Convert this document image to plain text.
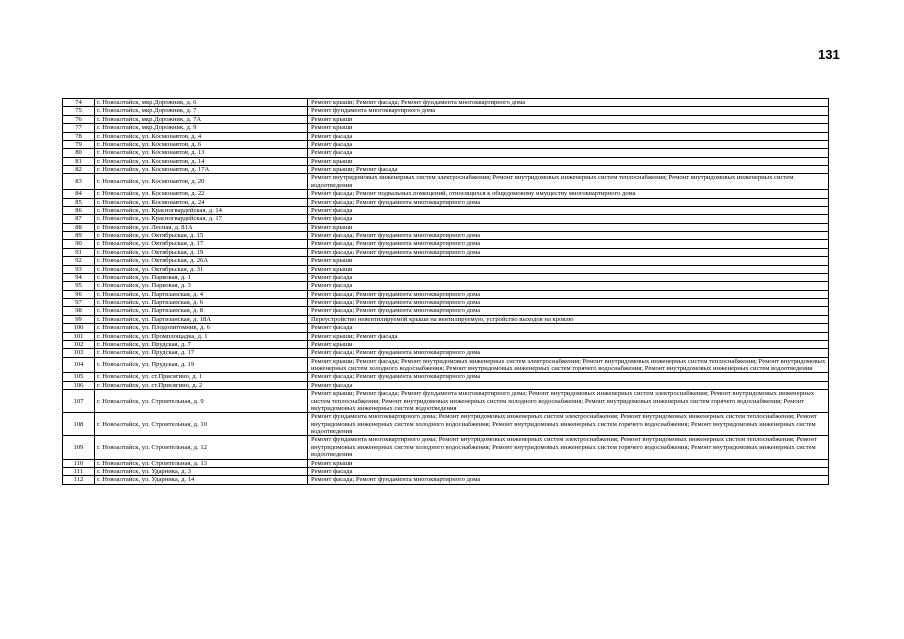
131
74	г. Новоалтайск, мкр.Дорожник, д. 6	Ремонт крыши; Ремонт фасада; Ремонт фундамента многоквартирного дома
75	г. Новоалтайск, мкр.Дорожник, д. 7	Ремонт фундамента многоквартирного дома
76	г. Новоалтайск, мкр.Дорожник, д. 7А	Ремонт крыши
77	г. Новоалтайск, мкр.Дорожник, д. 9	Ремонт крыши
78	г. Новоалтайск, ул. Космонавтов, д. 4	Ремонт фасада
79	г. Новоалтайск, ул. Космонавтов, д. 6	Ремонт фасада
80	г. Новоалтайск, ул. Космонавтов, д. 13	Ремонт фасада
81	г. Новоалтайск, ул. Космонавтов, д. 14	Ремонт крыши
82	г. Новоалтайск, ул. Космонавтов, д. 17А	Ремонт крыши; Ремонт фасада
83	г. Новоалтайск, ул. Космонавтов, д. 20	Ремонт внутридомовых инженерных систем электроснабжения; Ремонт внутридомовых инженерных систем теплоснабжения; Ремонт внутридомовых инженерных систем водоотведения
84	г. Новоалтайск, ул. Космонавтов, д. 22	Ремонт фасада; Ремонт подвальных помещений, относящихся к общедомовому имуществу многоквартирного дома
85	г. Новоалтайск, ул. Космонавтов, д. 24	Ремонт фасада; Ремонт фундамента многоквартирного дома
86	г. Новоалтайск, ул. Красногвардейская, д. 14	Ремонт фасада
87	г. Новоалтайск, ул. Красногвардейская, д. 17	Ремонт фасада
88	г. Новоалтайск, ул. Лесная, д. 81А	Ремонт крыши
89	г. Новоалтайск, ул. Октябрьская, д. 15	Ремонт фасада; Ремонт фундамента многоквартирного дома
90	г. Новоалтайск, ул. Октябрьская, д. 17	Ремонт фасада; Ремонт фундамента многоквартирного дома
91	г. Новоалтайск, ул. Октябрьская, д. 19	Ремонт фасада; Ремонт фундамента многоквартирного дома
92	г. Новоалтайск, ул. Октябрьская, д. 26А	Ремонт крыши
93	г. Новоалтайск, ул. Октябрьская, д. 31	Ремонт крыши
94	г. Новоалтайск, ул. Парковая, д. 1	Ремонт фасада
95	г. Новоалтайск, ул. Парковая, д. 3	Ремонт фасада
96	г. Новоалтайск, ул. Партизанская, д. 4	Ремонт фасада; Ремонт фундамента многоквартирного дома
97	г. Новоалтайск, ул. Партизанская, д. 6	Ремонт фасада; Ремонт фундамента многоквартирного дома
98	г. Новоалтайск, ул. Партизанская, д. 8	Ремонт фасада; Ремонт фундамента многоквартирного дома
99	г. Новоалтайск, ул. Партизанская, д. 18А	Переустройство невентилируемой крыши на вентилируемую, устройство выходов на кровлю
100	г. Новоалтайск, ул. Плодопитомник, д. 6	Ремонт фасада
101	г. Новоалтайск, ул. Промплощадка, д. 1	Ремонт крыши; Ремонт фасада
102	г. Новоалтайск, ул. Прудская, д. 7	Ремонт крыши
103	г. Новоалтайск, ул. Прудская, д. 17	Ремонт фасада; Ремонт фундамента многоквартирного дома
104	г. Новоалтайск, ул. Прудская, д. 19	Ремонт крыши; Ремонт фасада; Ремонт внутридомовых инженерных систем электроснабжения; Ремонт внутридомовых инженерных систем теплоснабжения; Ремонт внутридомовых инженерных систем холодного водоснабжения; Ремонт внутридомовых инженерных систем горячего водоснабжения; Ремонт внутридомовых инженерных систем водоотведения
105	г. Новоалтайск, ул. ст.Присягино, д. 1	Ремонт фасада; Ремонт фундамента многоквартирного дома
106	г. Новоалтайск, ул. ст.Присягино, д. 2	Ремонт фасада
107	г. Новоалтайск, ул. Строительная, д. 9	Ремонт крыши; Ремонт фасада; Ремонт фундамента многоквартирного дома; Ремонт внутридомовых инженерных систем электроснабжения; Ремонт внутридомовых инженерных систем теплоснабжения; Ремонт внутридомовых инженерных систем холодного водоснабжения; Ремонт внутридомовых инженерных систем горячего водоснабжения; Ремонт внутридомовых инженерных систем водоотведения
108	г. Новоалтайск, ул. Строительная, д. 10	Ремонт фундамента многоквартирного дома; Ремонт внутридомовых инженерных систем электроснабжения; Ремонт внутридомовых инженерных систем теплоснабжения; Ремонт внутридомовых инженерных систем холодного водоснабжения; Ремонт внутридомовых инженерных систем горячего водоснабжения; Ремонт внутридомовых инженерных систем водоотведения
109	г. Новоалтайск, ул. Строительная, д. 12	Ремонт фундамента многоквартирного дома; Ремонт внутридомовых инженерных систем электроснабжения; Ремонт внутридомовых инженерных систем теплоснабжения; Ремонт внутридомовых инженерных систем холодного водоснабжения; Ремонт внутридомовых инженерных систем горячего водоснабжения; Ремонт внутридомовых инженерных систем водоотведения
110	г. Новоалтайск, ул. Строительная, д. 13	Ремонт крыши
111	г. Новоалтайск, ул. Ударника, д. 3	Ремонт фасада
112	г. Новоалтайск, ул. Ударника, д. 14	Ремонт фасада; Ремонт фундамента многоквартирного дома
